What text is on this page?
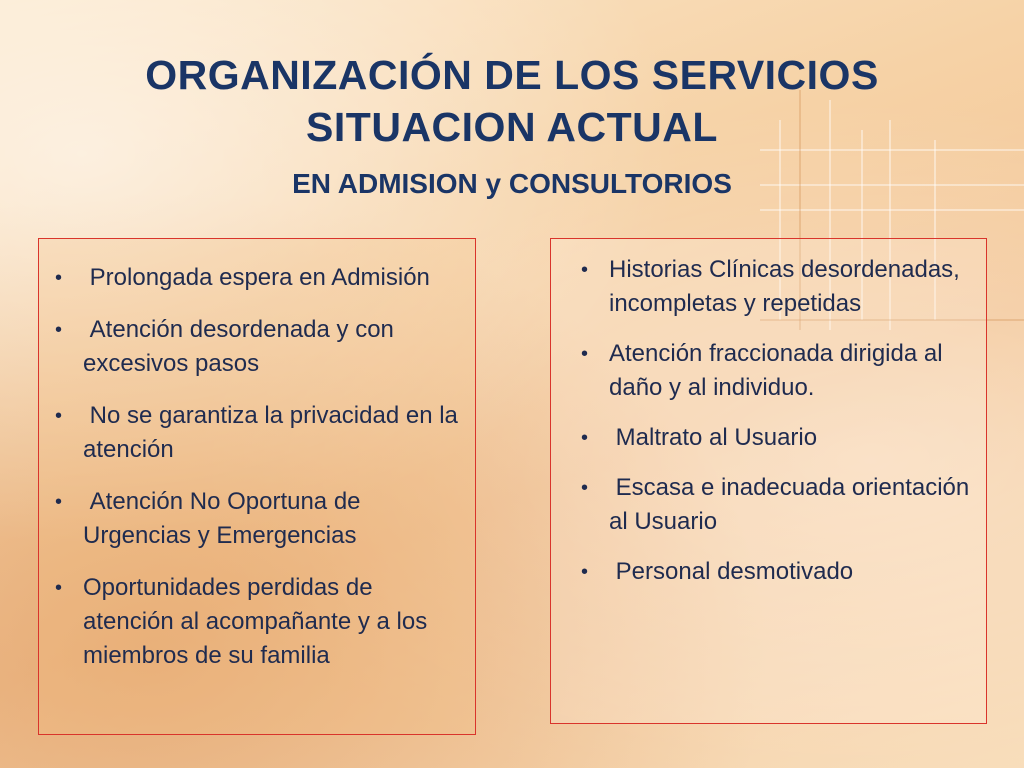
ORGANIZACIÓN DE LOS SERVICIOS
SITUACION ACTUAL
EN ADMISION y CONSULTORIOS
• Prolongada espera en Admisión
• Atención desordenada y con excesivos pasos
• No se garantiza la privacidad en la atención
• Atención No Oportuna de Urgencias y Emergencias
• Oportunidades perdidas de atención al acompañante y a los miembros de su familia
• Historias Clínicas desordenadas, incompletas y repetidas
• Atención fraccionada dirigida al daño y al individuo.
• Maltrato al Usuario
• Escasa e inadecuada orientación al Usuario
• Personal desmotivado
